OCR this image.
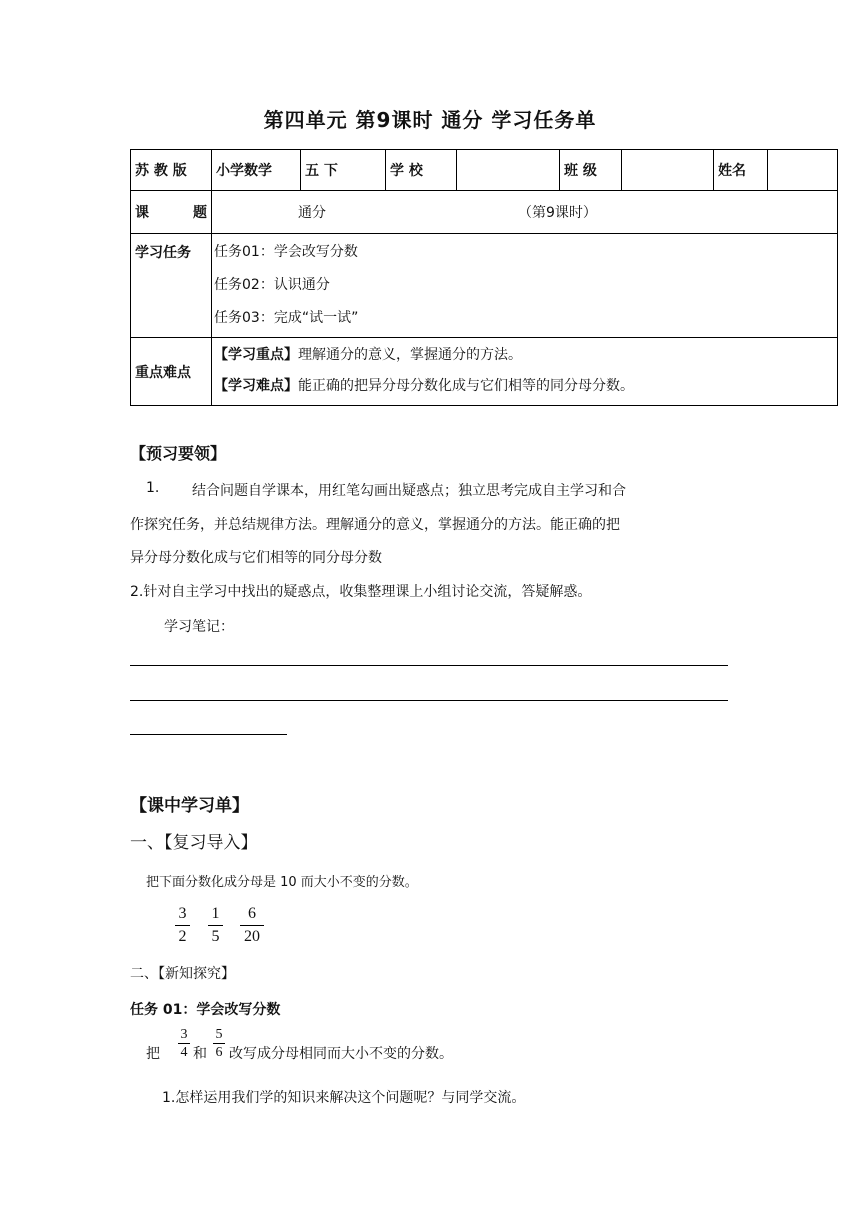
第四单元 第9课时 通分 学习任务单
苏 教 版	小学数学	五 下	学 校		班 级		姓名	
课 题	通分 （第9课时）							
学习任务	任务01：学会改写分数
任务02：认识通分
任务03：完成“试一试”							

重点难点	【学习重点】理解通分的意义，掌握通分的方法。
【学习难点】能正确的把异分母分数化成与它们相等的同分母分数。							
【预习要领】
1. 结合问题自学课本，用红笔勾画出疑惑点；独立思考完成自主学习和合
作探究任务，并总结规律方法。理解通分的意义，掌握通分的方法。能正确的把
异分母分数化成与它们相等的同分母分数
2.针对自主学习中找出的疑惑点，收集整理课上小组讨论交流，答疑解惑。
学习笔记：
【课中学习单】
一、【复习导入】
把下面分数化成分母是 10 而大小不变的分数。
3
2
1
5
6
20
二、【新知探究】
任务 01：学会改写分数
把
3
4 和
5
6 改写成分母相同而大小不变的分数。
1.怎样运用我们学的知识来解决这个问题呢？与同学交流。
